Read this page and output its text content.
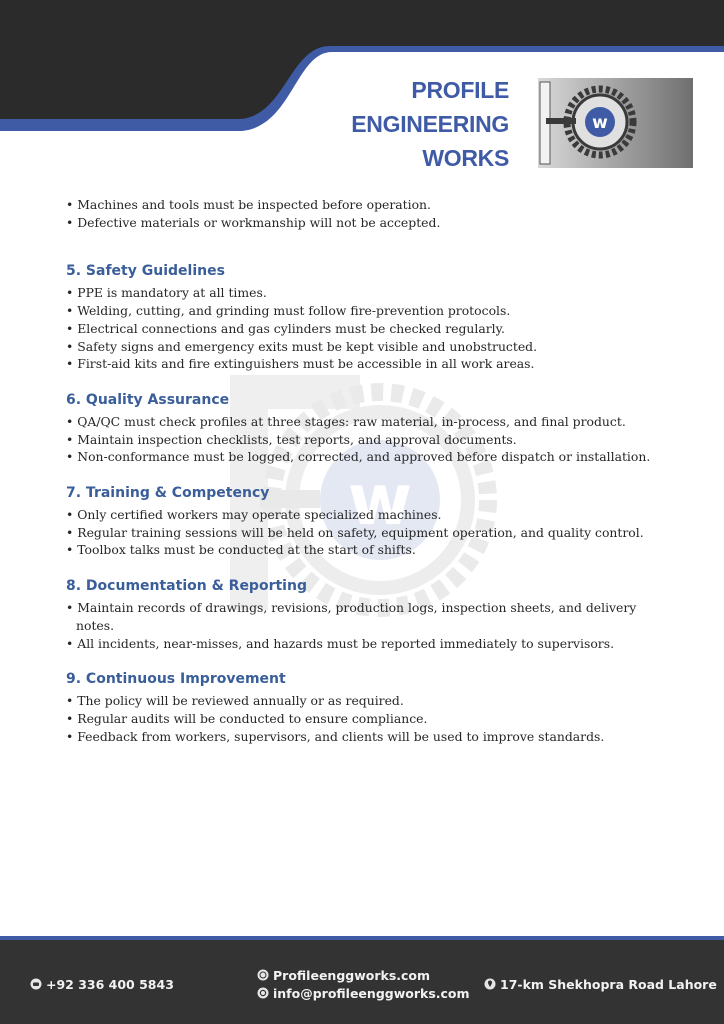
PROFILE
ENGINEERING
WORKS
w
w
• Machines and tools must be inspected before operation.
• Defective materials or workmanship will not be accepted.
5. Safety Guidelines
• PPE is mandatory at all times.
• Welding, cutting, and grinding must follow fire-prevention protocols.
• Electrical connections and gas cylinders must be checked regularly.
• Safety signs and emergency exits must be kept visible and unobstructed.
• First-aid kits and fire extinguishers must be accessible in all work areas.
6. Quality Assurance
• QA/QC must check profiles at three stages: raw material, in-process, and final product.
• Maintain inspection checklists, test reports, and approval documents.
• Non-conformance must be logged, corrected, and approved before dispatch or installation.
7. Training & Competency
• Only certified workers may operate specialized machines.
• Regular training sessions will be held on safety, equipment operation, and quality control.
• Toolbox talks must be conducted at the start of shifts.
8. Documentation & Reporting
• Maintain records of drawings, revisions, production logs, inspection sheets, and delivery notes.
• All incidents, near-misses, and hazards must be reported immediately to supervisors.
9. Continuous Improvement
• The policy will be reviewed annually or as required.
• Regular audits will be conducted to ensure compliance.
• Feedback from workers, supervisors, and clients will be used to improve standards.
+92 336 400 5843
Profileenggworks.com
info@profileenggworks.com
17-km Shekhopra Road Lahore
